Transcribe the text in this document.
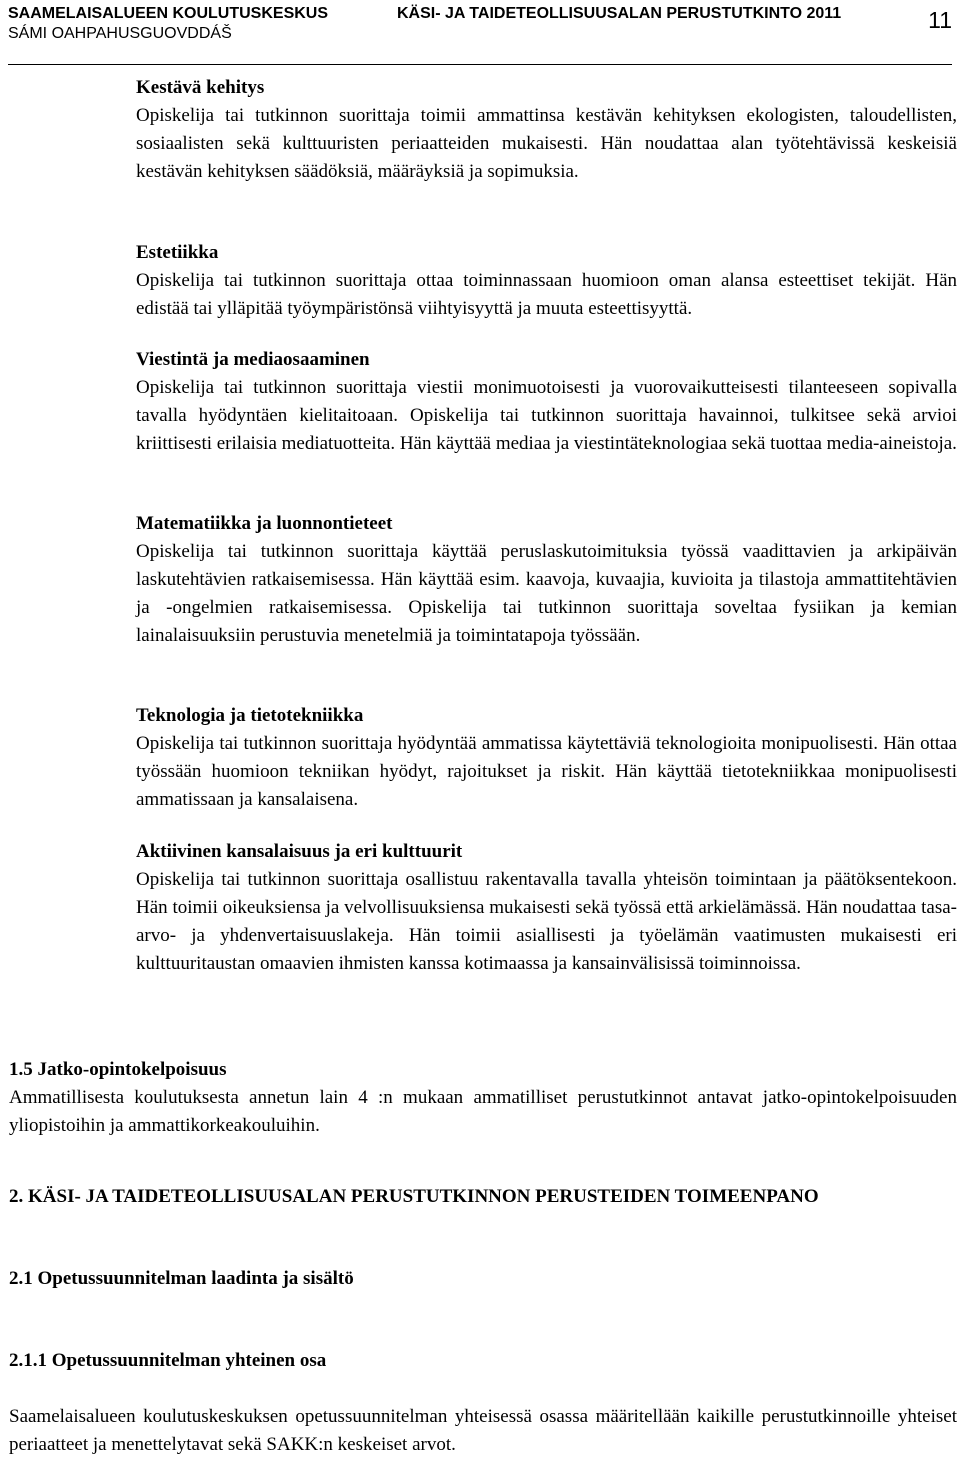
SAAMELAISALUEEN KOULUTUSKESKUS
SÁMI OAHPAHUSGUOVDDÁŠ
KÄSI- JA TAIDETEOLLISUUSALAN PERUSTUTKINTO 2011	11
Kestävä kehitys

Opiskelija tai tutkinnon suorittaja toimii ammattinsa kestävän kehityksen ekologisten, taloudellisten, sosiaalisten sekä kulttuuristen periaatteiden mukaisesti. Hän noudattaa alan työtehtävissä keskeisiä kestävän kehityksen säädöksiä, määräyksiä ja sopimuksia.

Estetiikka

Opiskelija tai tutkinnon suorittaja ottaa toiminnassaan huomioon oman alansa esteettiset tekijät. Hän edistää tai ylläpitää työympäristönsä viihtyisyyttä ja muuta esteettisyyttä.

Viestintä ja mediaosaaminen

Opiskelija tai tutkinnon suorittaja viestii monimuotoisesti ja vuorovaikutteisesti tilanteeseen sopivalla tavalla hyödyntäen kielitaitoaan. Opiskelija tai tutkinnon suorittaja havainnoi, tulkitsee sekä arvioi kriittisesti erilaisia mediatuotteita. Hän käyttää mediaa ja viestintäteknologiaa sekä tuottaa media-aineistoja.

Matematiikka ja luonnontieteet

Opiskelija tai tutkinnon suorittaja käyttää peruslaskutoimituksia työssä vaadittavien ja arkipäivän laskutehtävien ratkaisemisessa. Hän käyttää esim. kaavoja, kuvaajia, kuvioita ja tilastoja ammattitehtävien ja -ongelmien ratkaisemisessa. Opiskelija tai tutkinnon suorittaja soveltaa fysiikan ja kemian lainalaisuuksiin perustuvia menetelmiä ja toimintatapoja työssään.

Teknologia ja tietotekniikka

Opiskelija tai tutkinnon suorittaja hyödyntää ammatissa käytettäviä teknologioita monipuolisesti. Hän ottaa työssään huomioon tekniikan hyödyt, rajoitukset ja riskit. Hän käyttää tietotekniikkaa monipuolisesti ammatissaan ja kansalaisena.

Aktiivinen kansalaisuus ja eri kulttuurit

Opiskelija tai tutkinnon suorittaja osallistuu rakentavalla tavalla yhteisön toimintaan ja päätöksentekoon. Hän toimii oikeuksiensa ja velvollisuuksiensa mukaisesti sekä työssä että arkielämässä. Hän noudattaa tasa-arvo- ja yhdenvertaisuuslakeja. Hän toimii asiallisesti ja työelämän vaatimusten mukaisesti eri kulttuuritaustan omaavien ihmisten kanssa kotimaassa ja kansainvälisissä toiminnoissa.

1.5 Jatko-opintokelpoisuus

Ammatillisesta koulutuksesta annetun lain 4 :n mukaan ammatilliset perustutkinnot antavat jatko-opintokelpoisuuden yliopistoihin ja ammattikorkeakouluihin.

2. KÄSI- JA TAIDETEOLLISUUSALAN PERUSTUTKINNON PERUSTEIDEN TOIMEENPANO
2.1 Opetussuunnitelman laadinta ja sisältö
2.1.1 Opetussuunnitelman yhteinen osa

Saamelaisalueen koulutuskeskuksen opetussuunnitelman yhteisessä osassa määritellään kaikille perustutkinnoille yhteiset periaatteet ja menettelytavat sekä SAKK:n keskeiset arvot.
